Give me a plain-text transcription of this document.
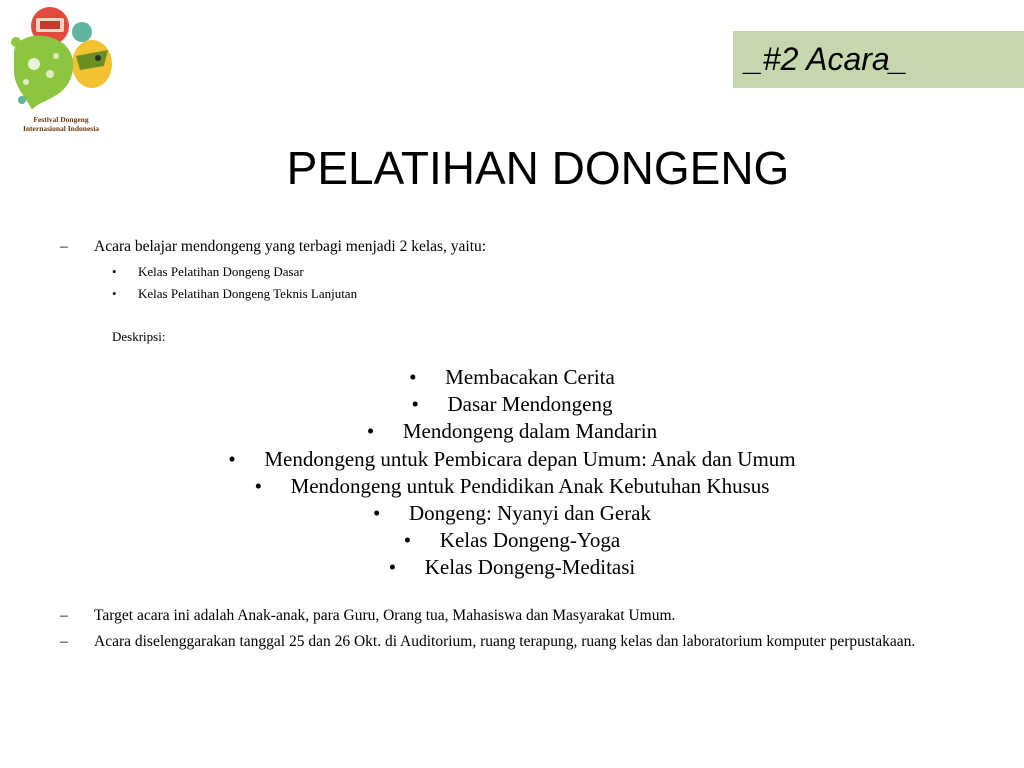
Festival Dongeng
Internasional Indonesia
_#2 Acara_
PELATIHAN DONGENG
–	Acara belajar mendongeng yang terbagi menjadi 2 kelas, yaitu:
• Kelas Pelatihan Dongeng Dasar
• Kelas Pelatihan Dongeng Teknis Lanjutan
Deskripsi:
• Membacakan Cerita
• Dasar Mendongeng
• Mendongeng dalam Mandarin
• Mendongeng untuk Pembicara depan Umum: Anak dan Umum
• Mendongeng untuk Pendidikan Anak Kebutuhan Khusus
• Dongeng: Nyanyi dan Gerak
• Kelas Dongeng-Yoga
• Kelas Dongeng-Meditasi
–	Target acara ini adalah Anak-anak, para Guru, Orang tua, Mahasiswa dan Masyarakat Umum.
–	Acara diselenggarakan tanggal 25 dan 26 Okt. di Auditorium, ruang terapung, ruang kelas dan laboratorium komputer perpustakaan.
